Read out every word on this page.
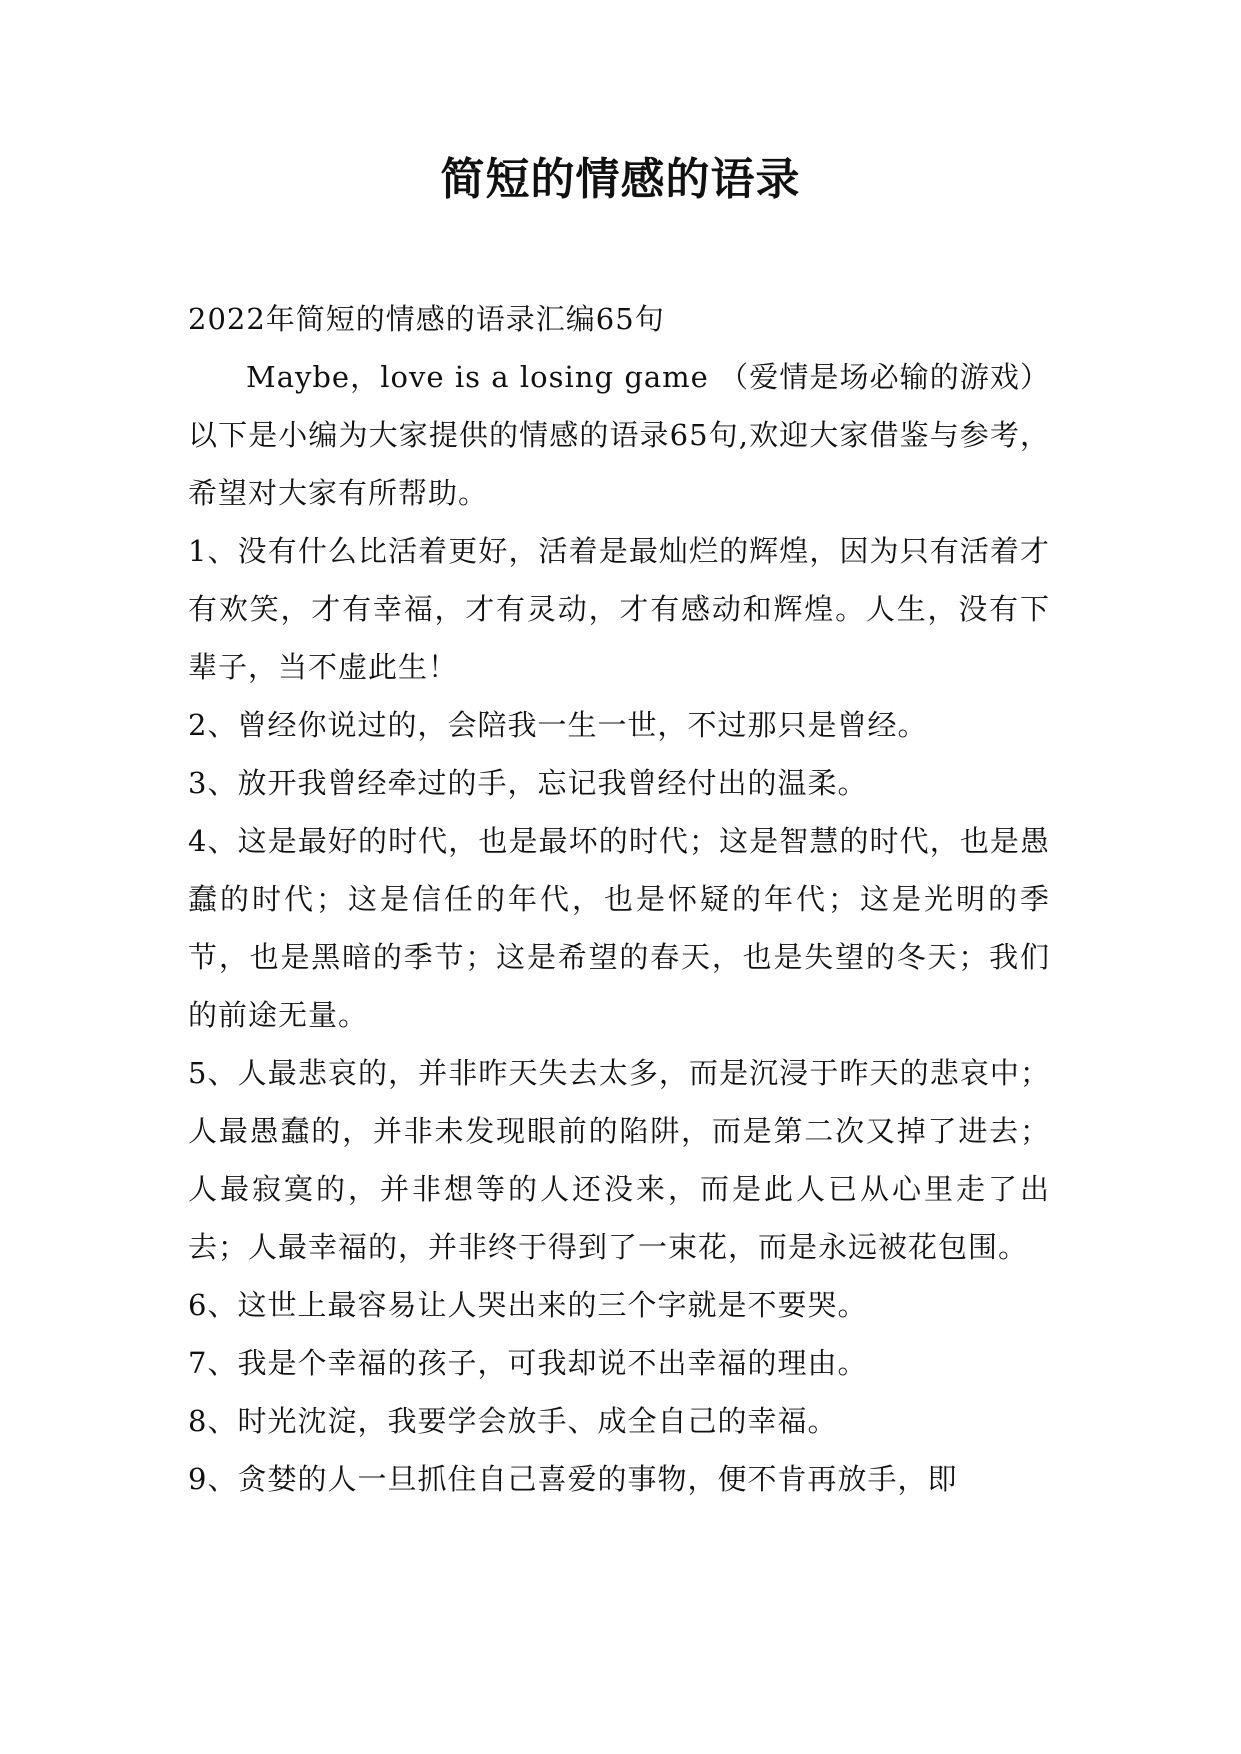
简短的情感的语录

2022年简短的情感的语录汇编65句

Maybe，love is a losing game （爱情是场必输的游戏）以下是小编为大家提供的情感的语录65句,欢迎大家借鉴与参考，希望对大家有所帮助。

1、没有什么比活着更好，活着是最灿烂的辉煌，因为只有活着才有欢笑，才有幸福，才有灵动，才有感动和辉煌。人生，没有下辈子，当不虚此生！

2、曾经你说过的，会陪我一生一世，不过那只是曾经。

3、放开我曾经牵过的手，忘记我曾经付出的温柔。

4、这是最好的时代，也是最坏的时代；这是智慧的时代，也是愚蠢的时代；这是信任的年代，也是怀疑的年代；这是光明的季节，也是黑暗的季节；这是希望的春天，也是失望的冬天；我们的前途无量。

5、人最悲哀的，并非昨天失去太多，而是沉浸于昨天的悲哀中；人最愚蠢的，并非未发现眼前的陷阱，而是第二次又掉了进去；人最寂寞的，并非想等的人还没来，而是此人已从心里走了出去；人最幸福的，并非终于得到了一束花，而是永远被花包围。

6、这世上最容易让人哭出来的三个字就是不要哭。

7、我是个幸福的孩子，可我却说不出幸福的理由。

8、时光沈淀，我要学会放手、成全自己的幸福。

9、贪婪的人一旦抓住自己喜爱的事物，便不肯再放手，即
